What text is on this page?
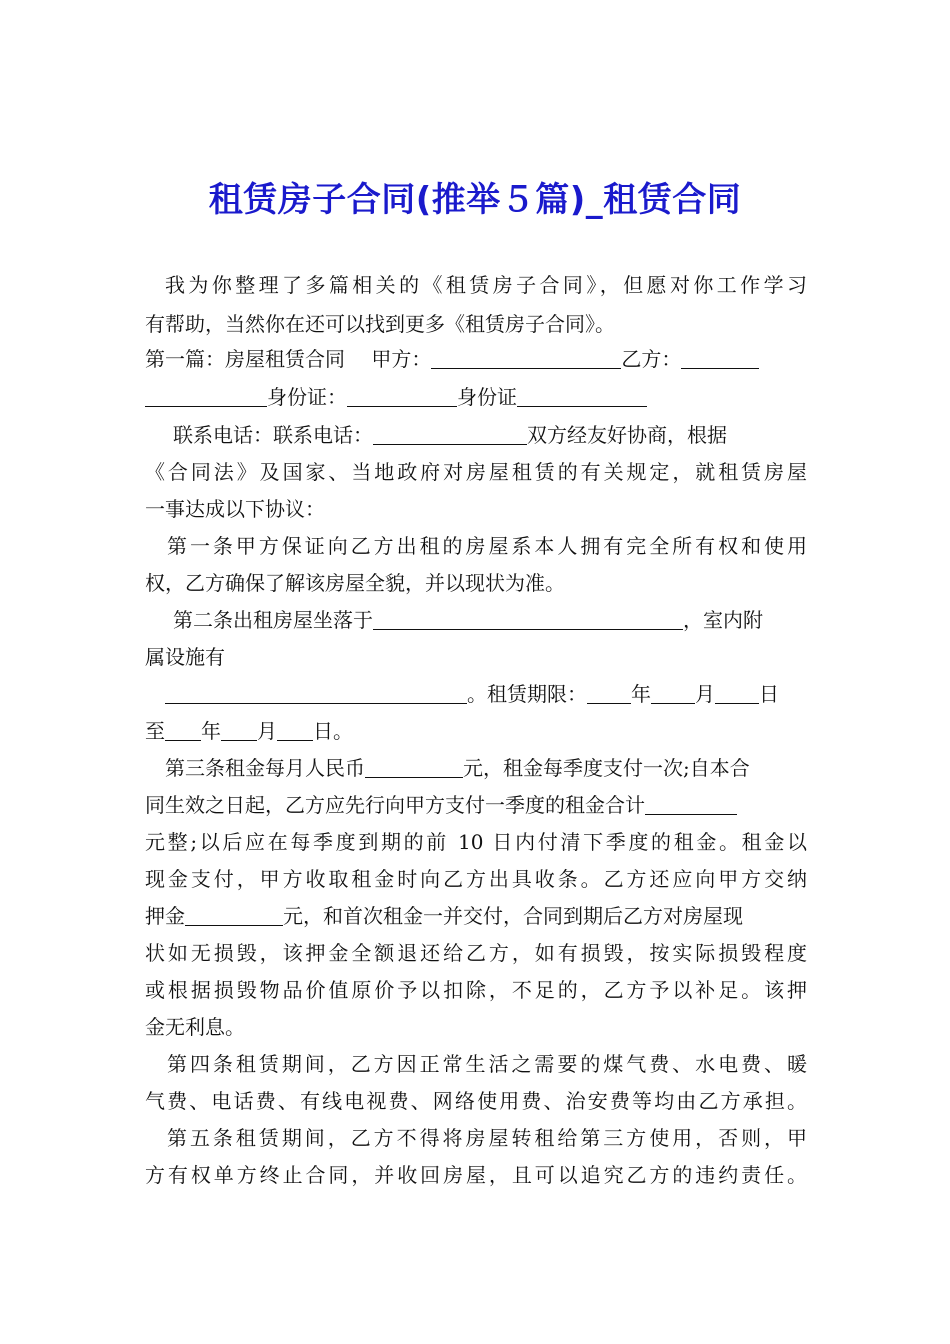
租赁房子合同(推举５篇)_租赁合同
我为你整理了多篇相关的《租赁房子合同》，但愿对你工作学习
有帮助，当然你在还可以找到更多《租赁房子合同》。
第一篇：房屋租赁合同　 甲方：	乙方：
身份证：	身份证
联系电话：联系电话：	双方经友好协商，根据
《合同法》及国家、当地政府对房屋租赁的有关规定，就租赁房屋
一事达成以下协议：
第一条甲方保证向乙方出租的房屋系本人拥有完全所有权和使用
权，乙方确保了解该房屋全貌，并以现状为准。
第二条出租房屋坐落于	，室内附
属设施有
。租赁期限： 年 月 日
至 年 月 日。
第三条租金每月人民币	元，租金每季度支付一次;自本合
同生效之日起，乙方应先行向甲方支付一季度的租金合计
元整;以后应在每季度到期的前 10 日内付清下季度的租金。租金以
现金支付，甲方收取租金时向乙方出具收条。乙方还应向甲方交纳
押金	元，和首次租金一并交付，合同到期后乙方对房屋现
状如无损毁，该押金全额退还给乙方，如有损毁，按实际损毁程度
或根据损毁物品价值原价予以扣除，不足的，乙方予以补足。该押
金无利息。
第四条租赁期间，乙方因正常生活之需要的煤气费、水电费、暖
气费、电话费、有线电视费、网络使用费、治安费等均由乙方承担。
第五条租赁期间，乙方不得将房屋转租给第三方使用，否则，甲
方有权单方终止合同，并收回房屋，且可以追究乙方的违约责任。
